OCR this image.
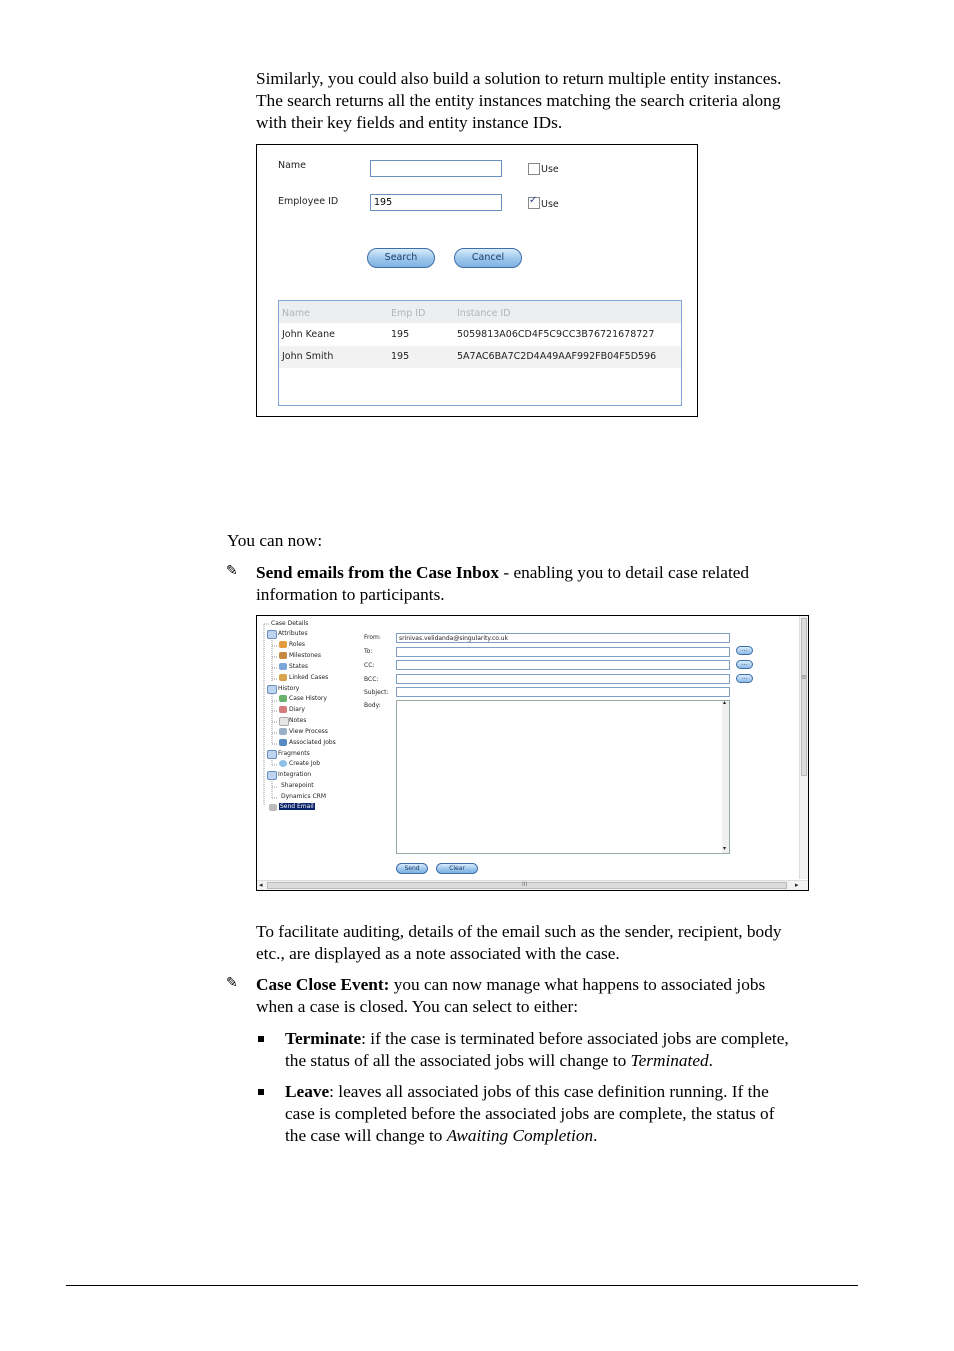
Similarly, you could also build a solution to return multiple entity instances.
The search returns all the entity instances matching the search criteria along
with their key fields and entity instance IDs.
Name	Use
Employee ID
195
✓	Use
Search	Cancel
Name	Emp ID	Instance ID
John Keane	195	5059813A06CD4F5C9CC3B76721678727
John Smith	195	5A7AC6BA7C2D4A49AAF992FB04F5D596
You can now:
✎ Send emails from the Case Inbox - enabling you to detail case related
information to participants.
Case Details
Attributes
Roles
Milestones
States
Linked Cases
History
Case History
Diary
Notes
View Process
Associated Jobs
Fragments
Create Job
Integration
Sharepoint
Dynamics CRM
Send Email
From:	srinivas.velidanda@singularity.co.uk
To:	...
CC:	...
BCC:	...
Subject:
Body:	▴
▾
Send	Clear
≡
◂	III	▸
To facilitate auditing, details of the email such as the sender, recipient, body
etc., are displayed as a note associated with the case.
✎ Case Close Event: you can now manage what happens to associated jobs
when a case is closed. You can select to either:
Terminate: if the case is terminated before associated jobs are complete,
the status of all the associated jobs will change to Terminated.
Leave: leaves all associated jobs of this case definition running. If the
case is completed before the associated jobs are complete, the status of
the case will change to Awaiting Completion.
